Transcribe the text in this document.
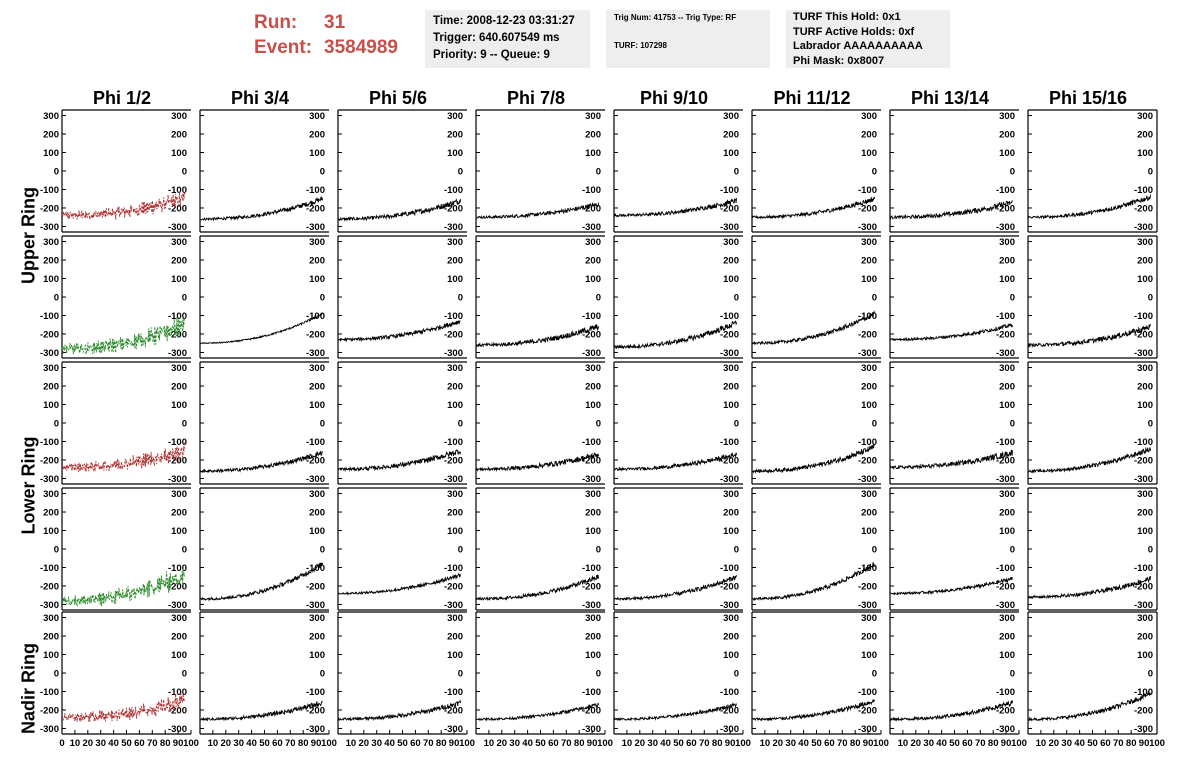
Run: 31
Event: 3584989
Time: 2008-12-23 03:31:27
Trigger: 640.607549 ms
Priority: 9 -- Queue: 9
Trig Num: 41753 -- Trig Type: RF
TURF: 107298
TURF This Hold: 0x1
TURF Active Holds: 0xf
Labrador AAAAAAAAAA
Phi Mask: 0x8007
Phi 1/2	Phi 3/4	Phi 5/6	Phi 7/8	Phi 9/10	Phi 11/12	Phi 13/14	Phi 15/16
Upper Ring
Lower Ring
Nadir Ring
300	300
200	200
100	100
0	0
-100	-100
-200	-200
-300	-300
300
200
100
0
-100
-200
-300
300
200
100
0
-100
-200
-300
300
200
100
0
-100
-200
-300
300
200
100
0
-100
-200
-300
300
200
100
0
-100
-200
-300
300
200
100
0
-100
-200
-300
300
200
100
0
-100
-200
-300
300	300
200	200
100	100
0	0
-100	-100
-200	-200
-300	-300
300
200
100
0
-100
-200
-300
300
200
100
0
-100
-200
-300
300
200
100
0
-100
-200
-300
300
200
100
0
-100
-200
-300
300
200
100
0
-100
-200
-300
300
200
100
0
-100
-200
-300
300
200
100
0
-100
-200
-300
300	300
200	200
100	100
0	0
-100	-100
-200	-200
-300	-300
300
200
100
0
-100
-200
-300
300
200
100
0
-100
-200
-300
300
200
100
0
-100
-200
-300
300
200
100
0
-100
-200
-300
300
200
100
0
-100
-200
-300
300
200
100
0
-100
-200
-300
300
200
100
0
-100
-200
-300
300	300
200	200
100	100
0	0
-100	-100
-200	-200
-300	-300
300
200
100
0
-100
-200
-300
300
200
100
0
-100
-200
-300
300
200
100
0
-100
-200
-300
300
200
100
0
-100
-200
-300
300
200
100
0
-100
-200
-300
300
200
100
0
-100
-200
-300
300
200
100
0
-100
-200
-300
300	300
200	200
100	100
0	0
-100	-100
-200	-200
-300	-300
0 10 20 30 40 50 60 70 80 90 100
300
200
100
0
-100
-200
-300
10 20 30 40 50 60 70 80 90 100
300
200
100
0
-100
-200
-300
10 20 30 40 50 60 70 80 90 100
300
200
100
0
-100
-200
-300
10 20 30 40 50 60 70 80 90 100
300
200
100
0
-100
-200
-300
10 20 30 40 50 60 70 80 90 100
300
200
100
0
-100
-200
-300
10 20 30 40 50 60 70 80 90 100
300
200
100
0
-100
-200
-300
10 20 30 40 50 60 70 80 90 100
300
200
100
0
-100
-200
-300
10 20 30 40 50 60 70 80 90 100
